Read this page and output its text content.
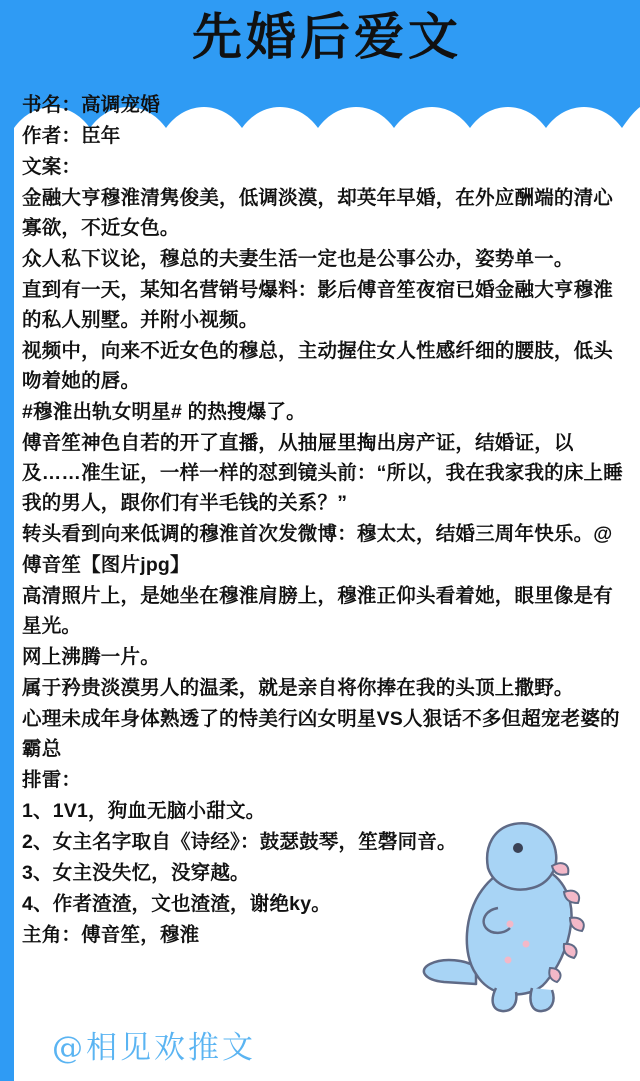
先婚后爱文

书名：高调宠婚

作者：臣年

文案：

金融大亨穆淮清隽俊美，低调淡漠，却英年早婚，在外应酬端的清心寡欲，不近女色。

众人私下议论，穆总的夫妻生活一定也是公事公办，姿势单一。

直到有一天，某知名营销号爆料：影后傅音笙夜宿已婚金融大亨穆淮的私人别墅。并附小视频。

视频中，向来不近女色的穆总，主动握住女人性感纤细的腰肢，低头吻着她的唇。

#穆淮出轨女明星# 的热搜爆了。

傅音笙神色自若的开了直播，从抽屉里掏出房产证，结婚证，以及……准生证，一样一样的怼到镜头前：“所以，我在我家我的床上睡我的男人，跟你们有半毛钱的关系？”

转头看到向来低调的穆淮首次发微博：穆太太，结婚三周年快乐。@

傅音笙【图片jpg】

高清照片上，是她坐在穆淮肩膀上，穆淮正仰头看着她，眼里像是有星光。

网上沸腾一片。

属于矜贵淡漠男人的温柔，就是亲自将你捧在我的头顶上撒野。

心理未成年身体熟透了的恃美行凶女明星VS人狠话不多但超宠老婆的霸总

排雷：

1、1V1，狗血无脑小甜文。

2、女主名字取自《诗经》：鼓瑟鼓琴，笙磬同音。

3、女主没失忆，没穿越。

4、作者渣渣，文也渣渣，谢绝ky。

主角：傅音笙，穆淮

@相见欢推文
